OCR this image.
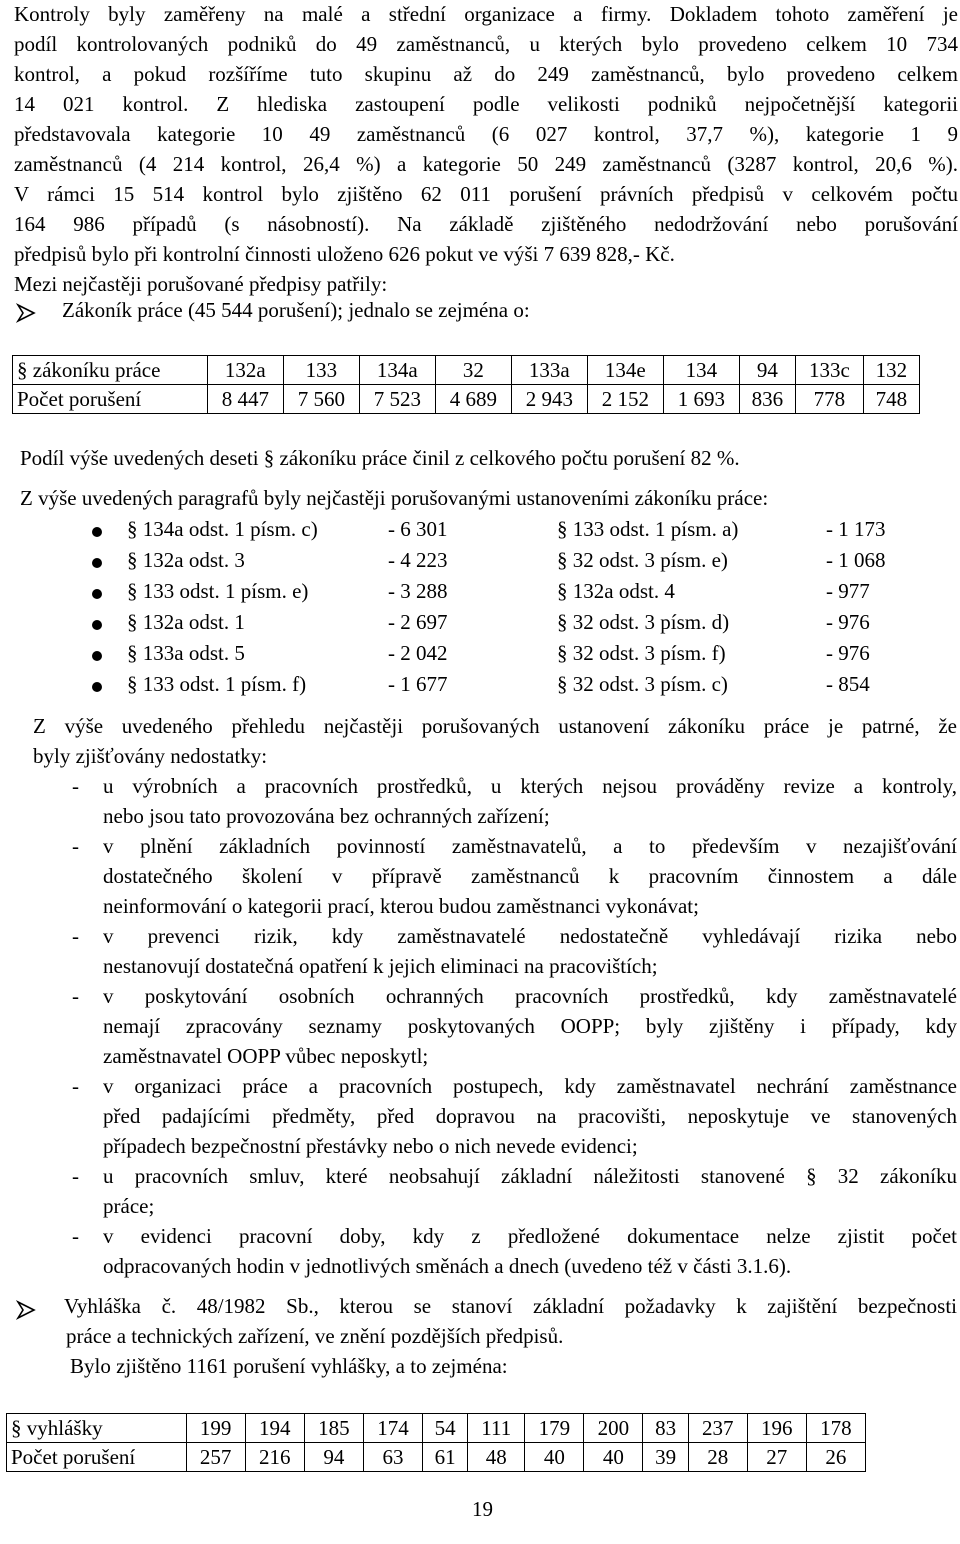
Kontroly byly zaměřeny na malé a střední organizace a firmy. Dokladem tohoto zaměření je
podíl kontrolovaných podniků do 49 zaměstnanců, u kterých bylo provedeno celkem 10 734
kontrol, a pokud rozšíříme tuto skupinu až do 249 zaměstnanců, bylo provedeno celkem
14 021 kontrol. Z hlediska zastoupení podle velikosti podniků nejpočetnější kategorii
představovala kategorie 10 49 zaměstnanců (6 027 kontrol, 37,7 %), kategorie 1 9
zaměstnanců (4 214 kontrol, 26,4 %) a kategorie 50 249 zaměstnanců (3287 kontrol, 20,6 %).
V rámci 15 514 kontrol bylo zjištěno 62 011 porušení právních předpisů v celkovém počtu
164 986 případů (s násobností). Na základě zjištěného nedodržování nebo porušování
předpisů bylo při kontrolní činnosti uloženo 626 pokut ve výši 7 639 828,- Kč.
Mezi nejčastěji porušované předpisy patřily:
Zákoník práce (45 544 porušení); jednalo se zejména o:
§ zákoníku práce	132a	133	134a	32	133a	134e	134	94	133c	132
Počet porušení	8 447	7 560	7 523	4 689	2 943	2 152	1 693	836	778	748
Podíl výše uvedených deseti § zákoníku práce činil z celkového počtu porušení 82 %.
Z výše uvedených paragrafů byly nejčastěji porušovanými ustanoveními zákoníku práce:
§ 134a odst. 1 písm. c)	- 6 301	§ 133 odst. 1 písm. a)	- 1 173
§ 132a odst. 3	- 4 223	§ 32 odst. 3 písm. e)	- 1 068
§ 133 odst. 1 písm. e)	- 3 288	§ 132a odst. 4	- 977
§ 132a odst. 1	- 2 697	§ 32 odst. 3 písm. d)	- 976
§ 133a odst. 5	- 2 042	§ 32 odst. 3 písm. f)	- 976
§ 133 odst. 1 písm. f)	- 1 677	§ 32 odst. 3 písm. c)	- 854
Z výše uvedeného přehledu nejčastěji porušovaných ustanovení zákoníku práce je patrné, že
byly zjišťovány nedostatky:
- u výrobních a pracovních prostředků, u kterých nejsou prováděny revize a kontroly,
nebo jsou tato provozována bez ochranných zařízení;
- v plnění základních povinností zaměstnavatelů, a to především v nezajišťování
dostatečného školení v přípravě zaměstnanců k pracovním činnostem a dále
neinformování o kategorii prací, kterou budou zaměstnanci vykonávat;
- v prevenci rizik, kdy zaměstnavatelé nedostatečně vyhledávají rizika nebo
nestanovují dostatečná opatření k jejich eliminaci na pracovištích;
- v poskytování osobních ochranných pracovních prostředků, kdy zaměstnavatelé
nemají zpracovány seznamy poskytovaných OOPP; byly zjištěny i případy, kdy
zaměstnavatel OOPP vůbec neposkytl;
- v organizaci práce a pracovních postupech, kdy zaměstnavatel nechrání zaměstnance
před padajícími předměty, před dopravou na pracovišti, neposkytuje ve stanovených
případech bezpečnostní přestávky nebo o nich nevede evidenci;
- u pracovních smluv, které neobsahují základní náležitosti stanovené § 32 zákoníku
práce;
- v evidenci pracovní doby, kdy z předložené dokumentace nelze zjistit počet
odpracovaných hodin v jednotlivých směnách a dnech (uvedeno též v části 3.1.6).
Vyhláška č. 48/1982 Sb., kterou se stanoví základní požadavky k zajištění bezpečnosti
práce a technických zařízení, ve znění pozdějších předpisů.
Bylo zjištěno 1161 porušení vyhlášky, a to zejména:
§ vyhlášky	199	194	185	174	54	111	179	200	83	237	196	178
Počet porušení	257	216	94	63	61	48	40	40	39	28	27	26
19
